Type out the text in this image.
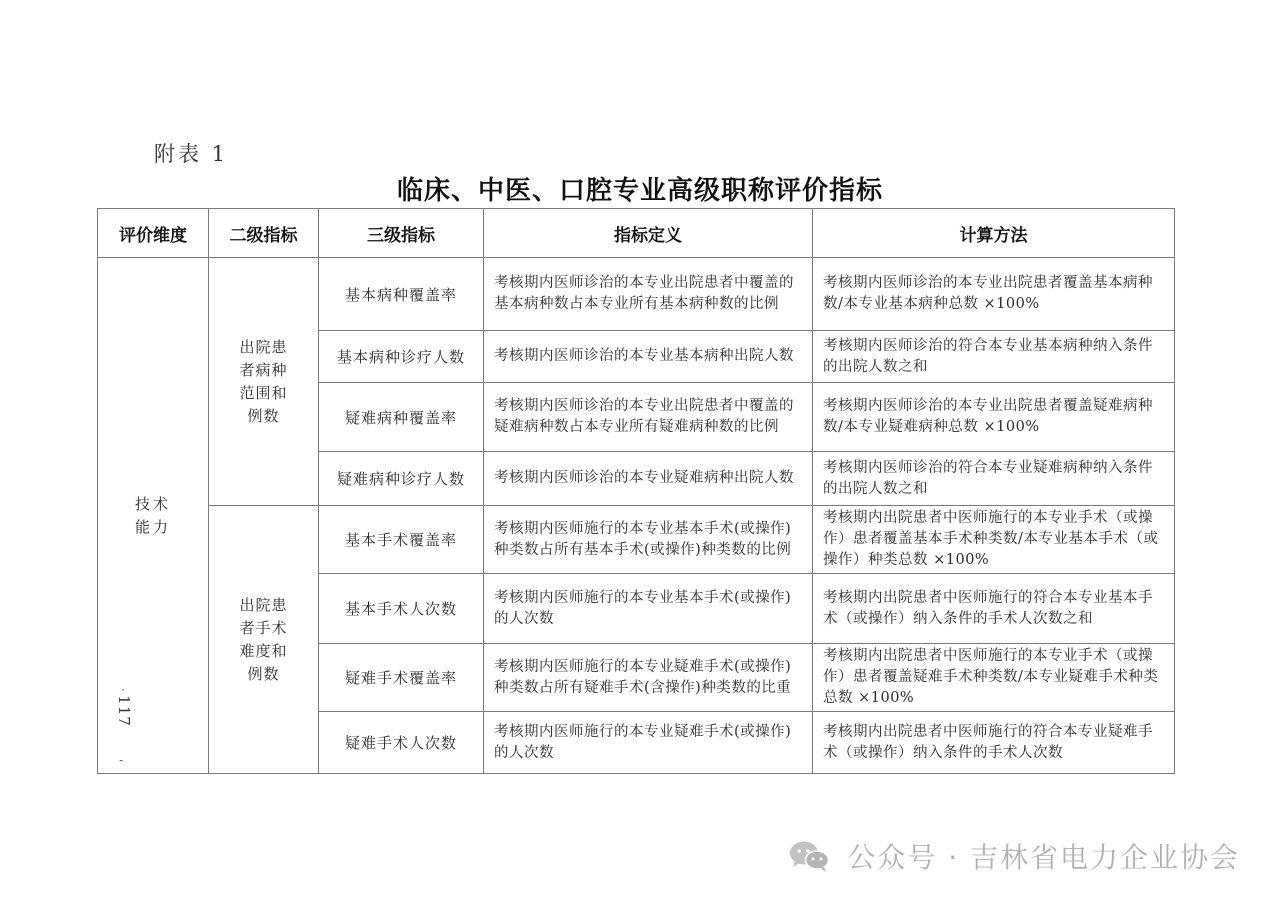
附表 1
临床、中医、口腔专业高级职称评价指标
评价维度	二级指标	三级指标	指标定义	计算方法
技术能力	出院患者病种范围和例数	基本病种覆盖率	考核期内医师诊治的本专业出院患者中覆盖的基本病种数占本专业所有基本病种数的比例	考核期内医师诊治的本专业出院患者覆盖基本病种数/本专业基本病种总数 ×100%
		基本病种诊疗人数	考核期内医师诊治的本专业基本病种出院人数	考核期内医师诊治的符合本专业基本病种纳入条件的出院人数之和
		疑难病种覆盖率	考核期内医师诊治的本专业出院患者中覆盖的疑难病种数占本专业所有疑难病种数的比例	考核期内医师诊治的本专业出院患者覆盖疑难病种数/本专业疑难病种总数 ×100%
		疑难病种诊疗人数	考核期内医师诊治的本专业疑难病种出院人数	考核期内医师诊治的符合本专业疑难病种纳入条件的出院人数之和
	出院患者手术难度和例数	基本手术覆盖率	考核期内医师施行的本专业基本手术(或操作)种类数占所有基本手术(或操作)种类数的比例	考核期内出院患者中医师施行的本专业手术（或操作）患者覆盖基本手术种类数/本专业基本手术（或操作）种类总数 ×100%
		基本手术人次数	考核期内医师施行的本专业基本手术(或操作)的人次数	考核期内出院患者中医师施行的符合本专业基本手术（或操作）纳入条件的手术人次数之和
		疑难手术覆盖率	考核期内医师施行的本专业疑难手术(或操作)种类数占所有疑难手术(含操作)种类数的比重	考核期内出院患者中医师施行的本专业手术（或操作）患者覆盖疑难手术种类数/本专业疑难手术种类总数 ×100%
		疑难手术人次数	考核期内医师施行的本专业疑难手术(或操作)的人次数	考核期内出院患者中医师施行的符合本专业疑难手术（或操作）纳入条件的手术人次数
·
117
-
公众号 · 吉林省电力企业协会
